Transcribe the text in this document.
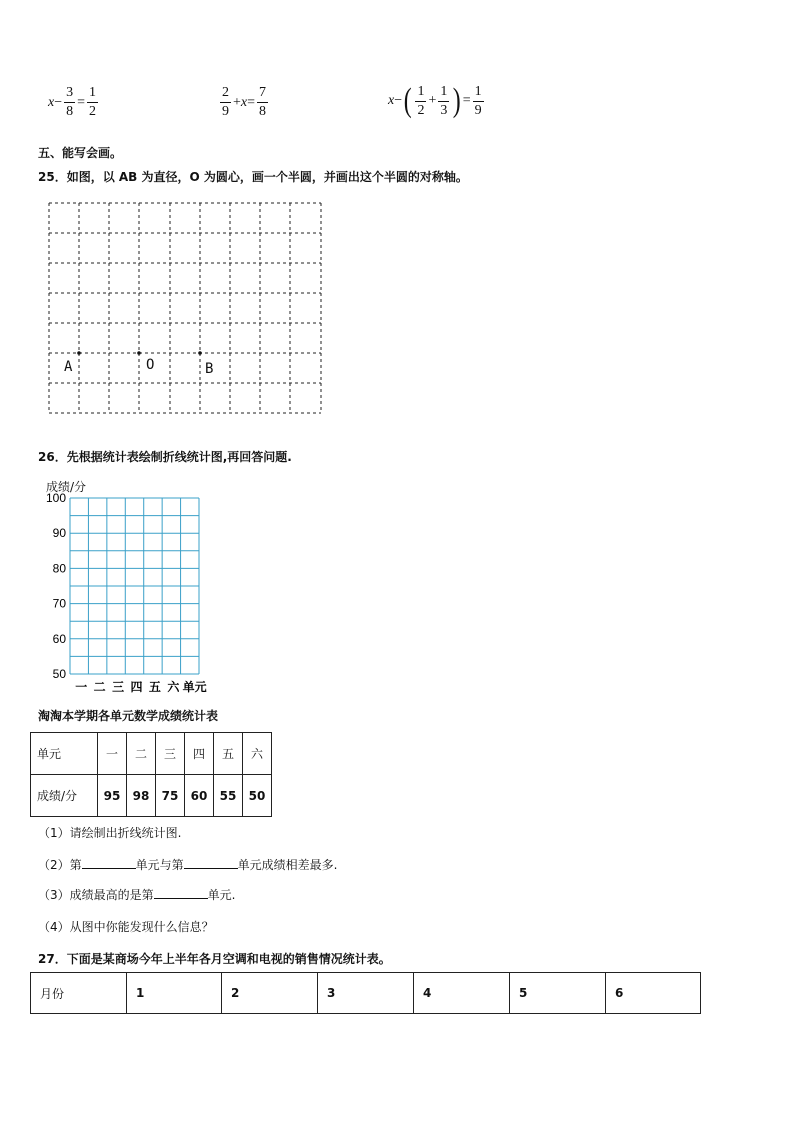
$x - \frac{3}{8} = \frac{1}{2}$	$\frac{2}{9} + x = \frac{7}{8}$	x − ( $\frac{1}{2} + \frac{1}{3}$ ) = $\frac{1}{9}$
五、能写会画。
25．如图，以 AB 为直径，O 为圆心，画一个半圆，并画出这个半圆的对称轴。
A	O	B
26．先根据统计表绘制折线统计图,再回答问题.
成绩/分
100
90
80
70
60
50
一 二 三 四 五 六 单元
淘淘本学期各单元数学成绩统计表
单元	一	二	三	四	五	六
成绩/分	95	98	75	60	55	50
（1）请绘制出折线统计图.
（2）第	单元与第	单元成绩相差最多.
（3）成绩最高的是第	单元.
（4）从图中你能发现什么信息？
27．下面是某商场今年上半年各月空调和电视的销售情况统计表。
月份	1	2	3	4	5	6
